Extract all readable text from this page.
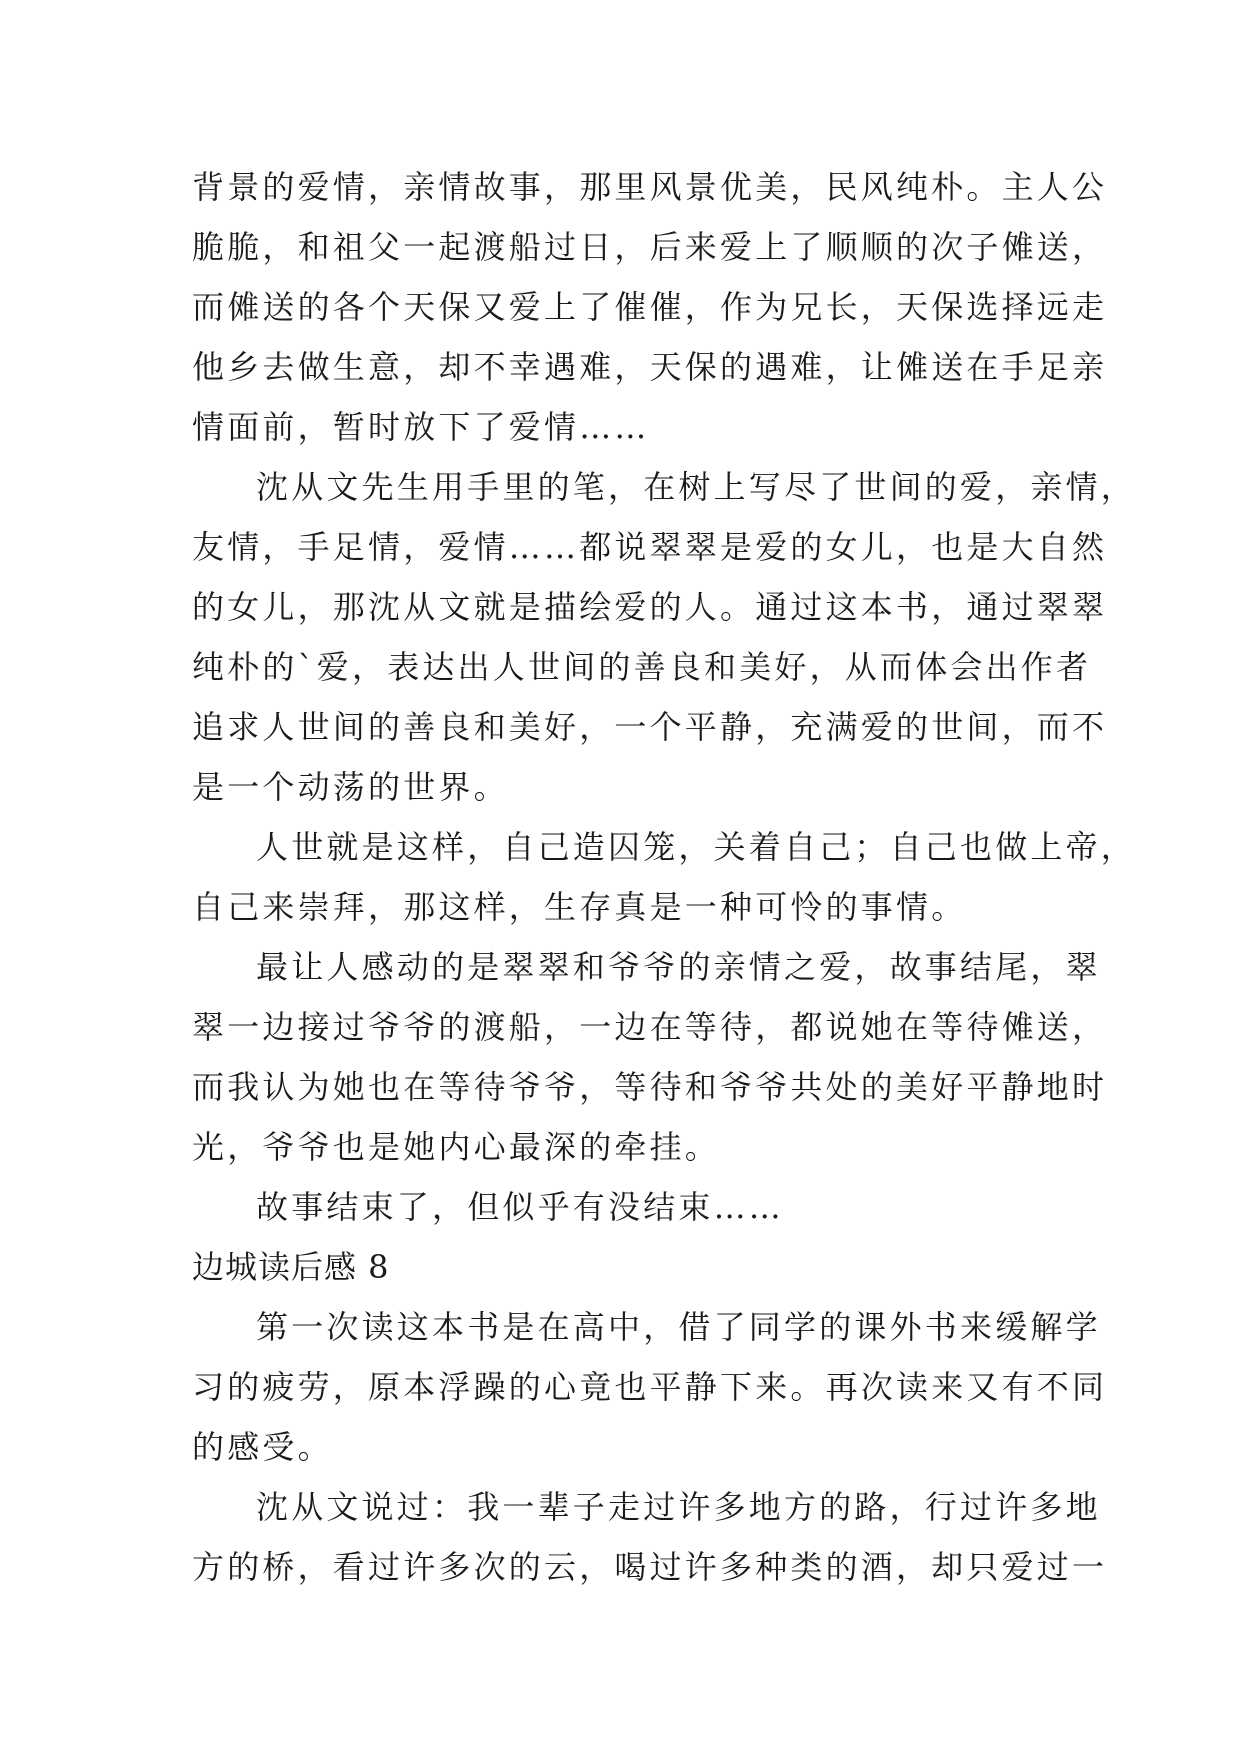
背景的爱情，亲情故事，那里风景优美，民风纯朴。主人公
脆脆，和祖父一起渡船过日，后来爱上了顺顺的次子傩送，
而傩送的各个天保又爱上了催催，作为兄长，天保选择远走
他乡去做生意，却不幸遇难，天保的遇难，让傩送在手足亲
情面前，暂时放下了爱情……
沈从文先生用手里的笔，在树上写尽了世间的爱，亲情，
友情，手足情，爱情……都说翠翠是爱的女儿，也是大自然
的女儿，那沈从文就是描绘爱的人。通过这本书，通过翠翠
纯朴的`爱，表达出人世间的善良和美好，从而体会出作者
追求人世间的善良和美好，一个平静，充满爱的世间，而不
是一个动荡的世界。
人世就是这样，自己造囚笼，关着自己；自己也做上帝，
自己来崇拜，那这样，生存真是一种可怜的事情。
最让人感动的是翠翠和爷爷的亲情之爱，故事结尾，翠
翠一边接过爷爷的渡船，一边在等待，都说她在等待傩送，
而我认为她也在等待爷爷，等待和爷爷共处的美好平静地时
光，爷爷也是她内心最深的牵挂。
故事结束了，但似乎有没结束……
边城读后感 8
第一次读这本书是在高中，借了同学的课外书来缓解学
习的疲劳，原本浮躁的心竟也平静下来。再次读来又有不同
的感受。
沈从文说过：我一辈子走过许多地方的路，行过许多地
方的桥，看过许多次的云，喝过许多种类的酒，却只爱过一
